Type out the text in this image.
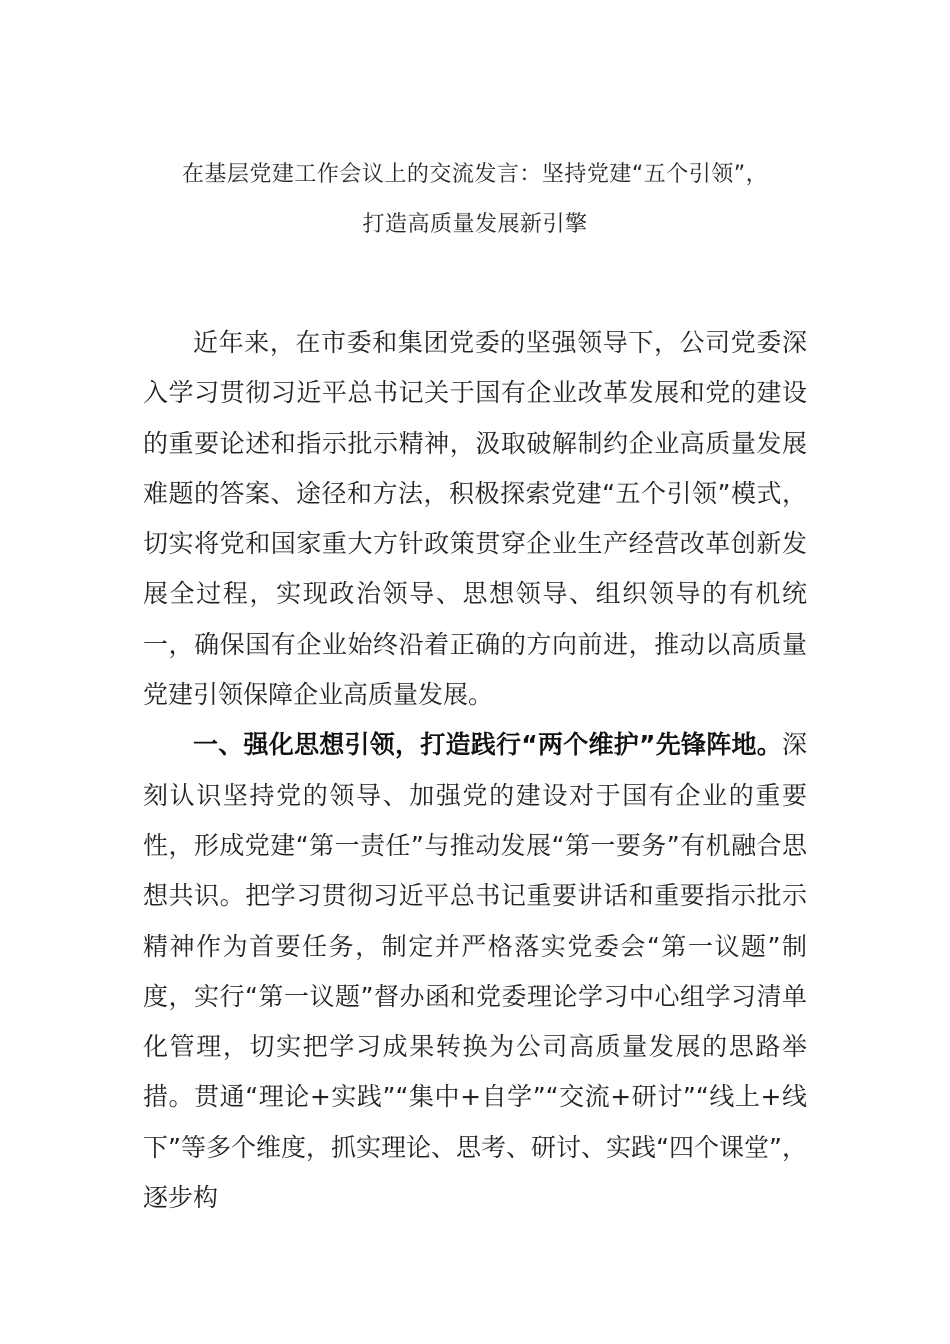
在基层党建工作会议上的交流发言：坚持党建“五个引领”，
打造高质量发展新引擎

近年来，在市委和集团党委的坚强领导下，公司党委深入学习贯彻习近平总书记关于国有企业改革发展和党的建设的重要论述和指示批示精神，汲取破解制约企业高质量发展难题的答案、途径和方法，积极探索党建“五个引领”模式，切实将党和国家重大方针政策贯穿企业生产经营改革创新发展全过程，实现政治领导、思想领导、组织领导的有机统一，确保国有企业始终沿着正确的方向前进，推动以高质量党建引领保障企业高质量发展。

一、强化思想引领，打造践行“两个维护”先锋阵地。深刻认识坚持党的领导、加强党的建设对于国有企业的重要性，形成党建“第一责任”与推动发展“第一要务”有机融合思想共识。把学习贯彻习近平总书记重要讲话和重要指示批示精神作为首要任务，制定并严格落实党委会“第一议题”制度，实行“第一议题”督办函和党委理论学习中心组学习清单化管理，切实把学习成果转换为公司高质量发展的思路举措。贯通“理论+实践”“集中+自学”“交流+研讨”“线上+线下”等多个维度，抓实理论、思考、研讨、实践“四个课堂”，逐步构
